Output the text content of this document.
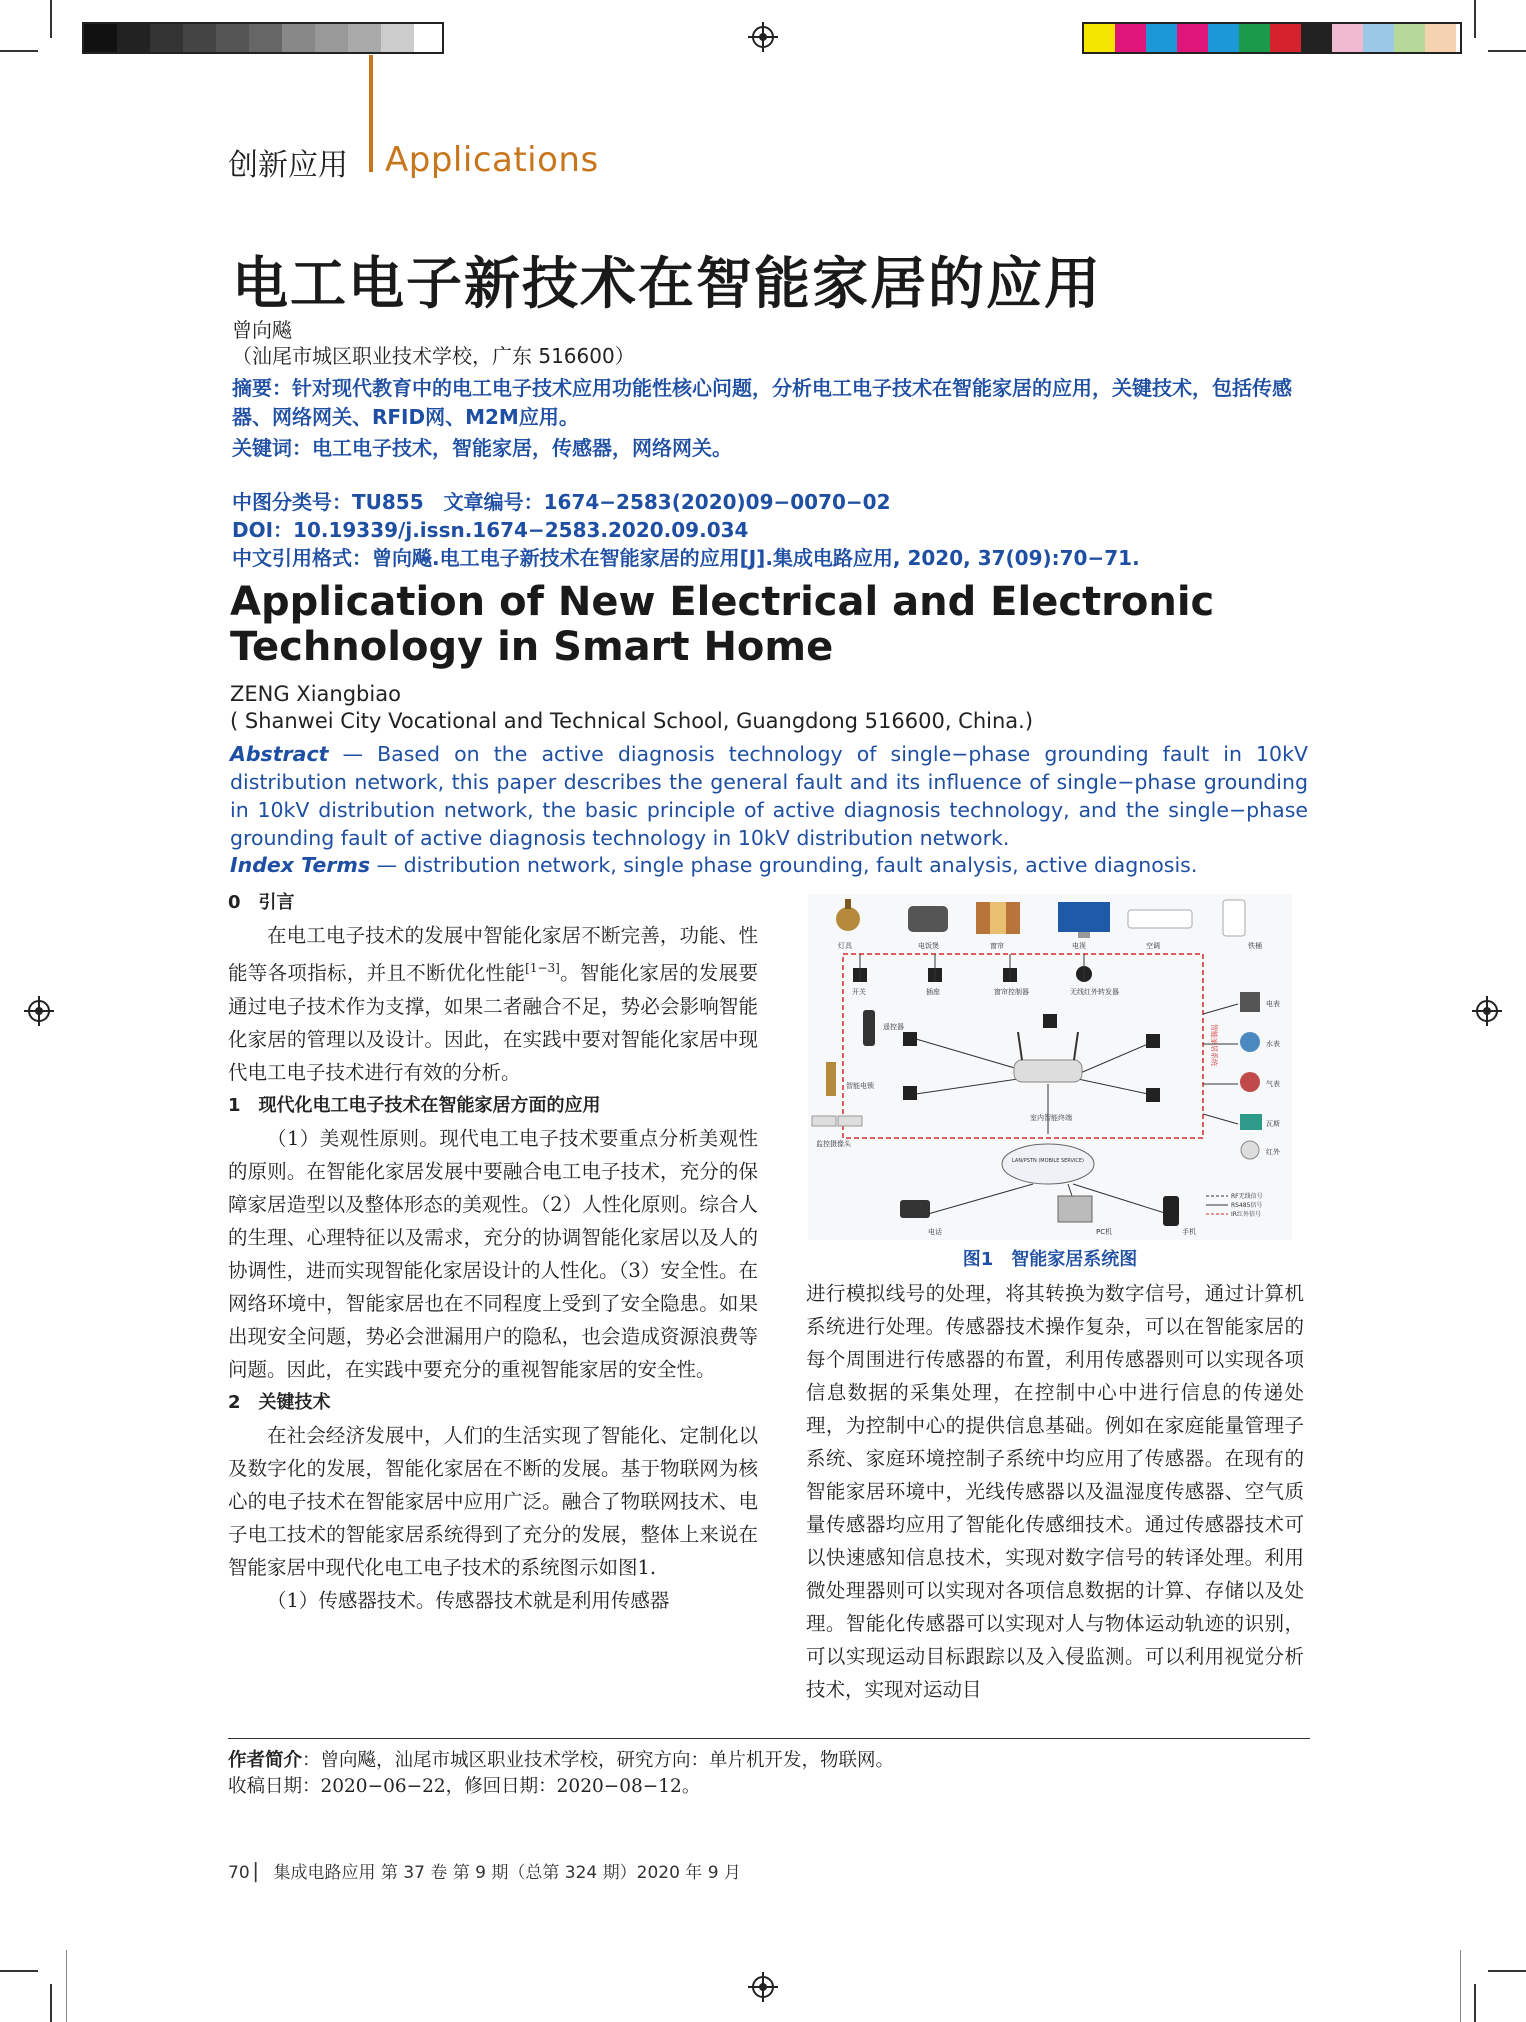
创新应用 Applications
电工电子新技术在智能家居的应用
曾向飚
（汕尾市城区职业技术学校，广东 516600）
摘要：针对现代教育中的电工电子技术应用功能性核心问题，分析电工电子技术在智能家居的应用，关键技术，包括传感器、网络网关、RFID网、M2M应用。
关键词：电工电子技术，智能家居，传感器，网络网关。
中图分类号：TU855　文章编号：1674−2583(2020)09−0070−02
DOI：10.19339/j.issn.1674−2583.2020.09.034
中文引用格式：曾向飚.电工电子新技术在智能家居的应用[J].集成电路应用, 2020, 37(09):70−71.
Application of New Electrical and Electronic Technology in Smart Home
ZENG Xiangbiao
( Shanwei City Vocational and Technical School, Guangdong 516600, China.)
Abstract — Based on the active diagnosis technology of single−phase grounding fault in 10kV distribution network, this paper describes the general fault and its influence of single−phase grounding in 10kV distribution network, the basic principle of active diagnosis technology, and the single−phase grounding fault of active diagnosis technology in 10kV distribution network.
Index Terms — distribution network, single phase grounding, fault analysis, active diagnosis.
0　引言

在电工电子技术的发展中智能化家居不断完善，功能、性能等各项指标，并且不断优化性能[1−3]。智能化家居的发展要通过电子技术作为支撑，如果二者融合不足，势必会影响智能化家居的管理以及设计。因此，在实践中要对智能化家居中现代电工电子技术进行有效的分析。

1　现代化电工电子技术在智能家居方面的应用

（1）美观性原则。现代电工电子技术要重点分析美观性的原则。在智能化家居发展中要融合电工电子技术，充分的保障家居造型以及整体形态的美观性。（2）人性化原则。综合人的生理、心理特征以及需求，充分的协调智能化家居以及人的协调性，进而实现智能化家居设计的人性化。（3）安全性。在网络环境中，智能家居也在不同程度上受到了安全隐患。如果出现安全问题，势必会泄漏用户的隐私，也会造成资源浪费等问题。因此，在实践中要充分的重视智能家居的安全性。

2　关键技术

在社会经济发展中，人们的生活实现了智能化、定制化以及数字化的发展，智能化家居在不断的发展。基于物联网为核心的电子技术在智能家居中应用广泛。融合了物联网技术、电子电工技术的智能家居系统得到了充分的发展，整体上来说在智能家居中现代化电工电子技术的系统图示如图1.

（1）传感器技术。传感器技术就是利用传感器

灯具	电饭煲	窗帘	电视	空调	铁桶
开关	插座	窗帘控制器	无线红外转发器
遥控器
智能电锁
监控摄像头
室内智能终端
LAN/PSTN (MOBILE SERVICE)
电表
水表
气表
瓦斯
红外
智能家居系统
电话	PC机	手机
RF无线信号
RS485信号
IR红外信号
图1　智能家居系统图
进行模拟线号的处理，将其转换为数字信号，通过计算机系统进行处理。传感器技术操作复杂，可以在智能家居的每个周围进行传感器的布置，利用传感器则可以实现各项信息数据的采集处理，在控制中心中进行信息的传递处理，为控制中心的提供信息基础。例如在家庭能量管理子系统、家庭环境控制子系统中均应用了传感器。在现有的智能家居环境中，光线传感器以及温湿度传感器、空气质量传感器均应用了智能化传感细技术。通过传感器技术可以快速感知信息技术，实现对数字信号的转译处理。利用微处理器则可以实现对各项信息数据的计算、存储以及处理。智能化传感器可以实现对人与物体运动轨迹的识别，可以实现运动目标跟踪以及入侵监测。可以利用视觉分析技术，实现对运动目
作者简介：曾向飚，汕尾市城区职业技术学校，研究方向：单片机开发，物联网。
收稿日期：2020−06−22，修回日期：2020−08−12。
70 ▏ 集成电路应用 第 37 卷 第 9 期（总第 324 期）2020 年 9 月
